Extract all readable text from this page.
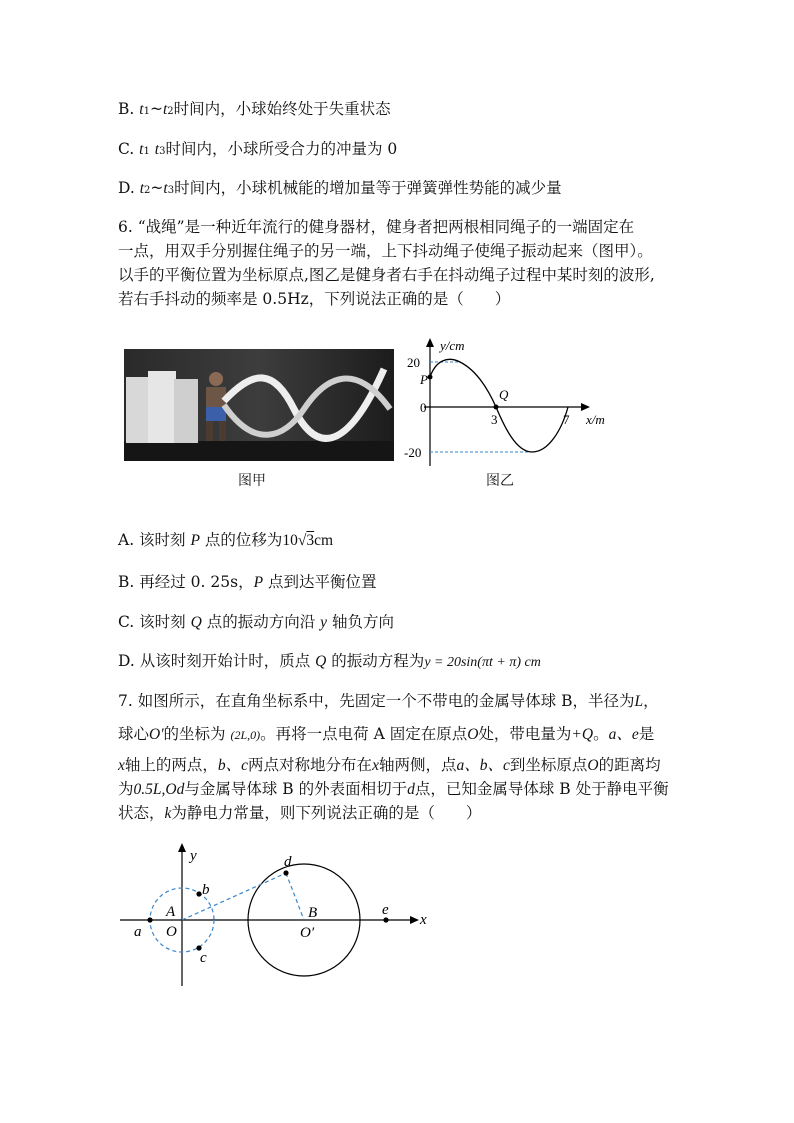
B. t1~t2时间内，小球始终处于失重状态
C. t1 t3时间内，小球所受合力的冲量为 0
D. t2~t3时间内，小球机械能的增加量等于弹簧弹性势能的减少量
6. “战绳”是一种近年流行的健身器材，健身者把两根相同绳子的一端固定在
一点，用双手分别握住绳子的另一端，上下抖动绳子使绳子振动起来（图甲）。
以手的平衡位置为坐标原点,图乙是健身者右手在抖动绳子过程中某时刻的波形,
若右手抖动的频率是 0.5Hz，下列说法正确的是（　　）
y/cm
20
P
0
-20
Q
3	7 x/m
图甲	图乙
A. 该时刻 P 点的位移为10√3cm
B. 再经过 0. 25s，P 点到达平衡位置
C. 该时刻 Q 点的振动方向沿 y 轴负方向
D. 从该时刻开始计时，质点 Q 的振动方程为y = 20sin(πt + π) cm
7. 如图所示，在直角坐标系中，先固定一个不带电的金属导体球 B，半径为L，
球心O'的坐标为 (2L,0)。再将一点电荷 A 固定在原点O处，带电量为+Q。a、e是
x轴上的两点，b、c两点对称地分布在x轴两侧，点a、b、c到坐标原点O的距离均
为0.5L,Od与金属导体球 B 的外表面相切于d点，已知金属导体球 B 处于静电平衡
状态，k为静电力常量，则下列说法正确的是（　　）
y
x
A
O
a
b
c
d
B
O′
e
